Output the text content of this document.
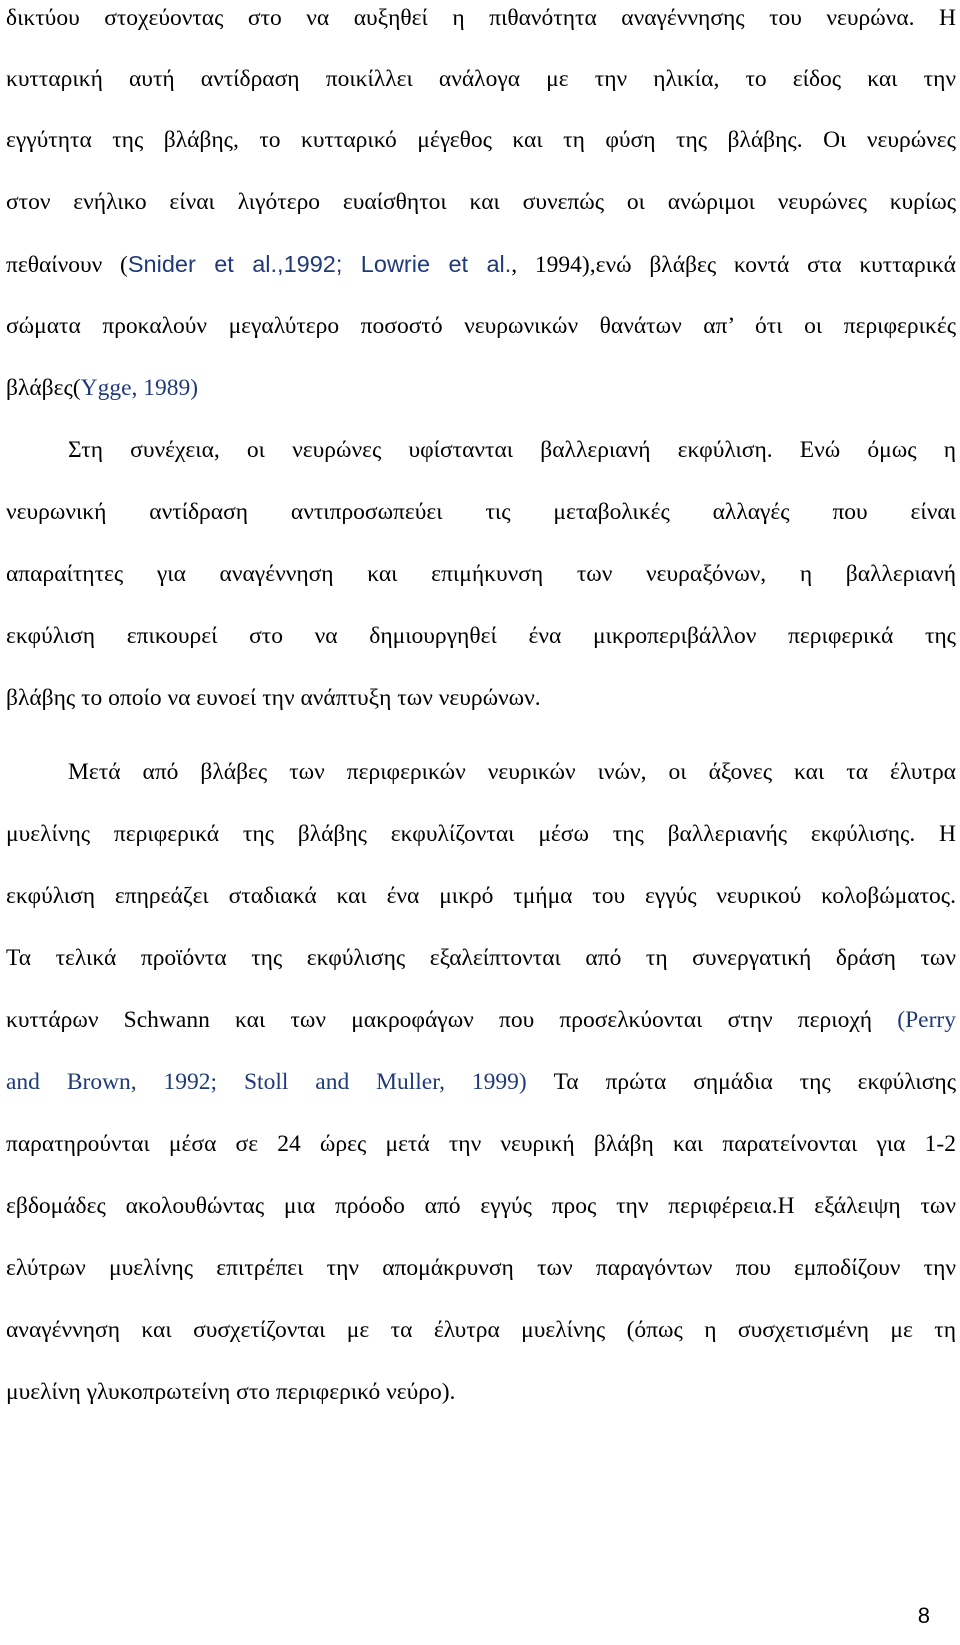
δικτύου στοχεύοντας στο να αυξηθεί η πιθανότητα αναγέννησης του νευρώνα. Η
κυτταρική αυτή αντίδραση ποικίλλει ανάλογα με την ηλικία, το είδος και την
εγγύτητα της βλάβης, το κυτταρικό μέγεθος και τη φύση της βλάβης. Οι νευρώνες
στον ενήλικο είναι λιγότερο ευαίσθητοι και συνεπώς οι ανώριμοι νευρώνες κυρίως
πεθαίνουν (Snider et al.,1992; Lowrie et al., 1994),ενώ βλάβες κοντά στα κυτταρικά
σώματα προκαλούν μεγαλύτερο ποσοστό νευρωνικών θανάτων απ’ ότι οι περιφερικές
βλάβες(Ygge, 1989)
Στη συνέχεια, οι νευρώνες υφίστανται βαλλεριανή εκφύλιση. Ενώ όμως η
νευρωνική αντίδραση αντιπροσωπεύει τις μεταβολικές αλλαγές που είναι
απαραίτητες για αναγέννηση και επιμήκυνση των νευραξόνων, η βαλλεριανή
εκφύλιση επικουρεί στο να δημιουργηθεί ένα μικροπεριβάλλον περιφερικά της
βλάβης το οποίο να ευνοεί την ανάπτυξη των νευρώνων.
Μετά από βλάβες των περιφερικών νευρικών ινών, οι άξονες και τα έλυτρα
μυελίνης περιφερικά της βλάβης εκφυλίζονται μέσω της βαλλεριανής εκφύλισης. Η
εκφύλιση επηρεάζει σταδιακά και ένα μικρό τμήμα του εγγύς νευρικού κολοβώματος.
Τα τελικά προϊόντα της εκφύλισης εξαλείπτονται από τη συνεργατική δράση των
κυττάρων Schwann και των μακροφάγων που προσελκύονται στην περιοχή (Perry
and Brown, 1992; Stoll and Muller, 1999) Τα πρώτα σημάδια της εκφύλισης
παρατηρούνται μέσα σε 24 ώρες μετά την νευρική βλάβη και παρατείνονται για 1-2
εβδομάδες ακολουθώντας μια πρόοδο από εγγύς προς την περιφέρεια.Η εξάλειψη των
ελύτρων μυελίνης επιτρέπει την απομάκρυνση των παραγόντων που εμποδίζουν την
αναγέννηση και συσχετίζονται με τα έλυτρα μυελίνης (όπως η συσχετισμένη με τη
μυελίνη γλυκοπρωτείνη στο περιφερικό νεύρο).
8
